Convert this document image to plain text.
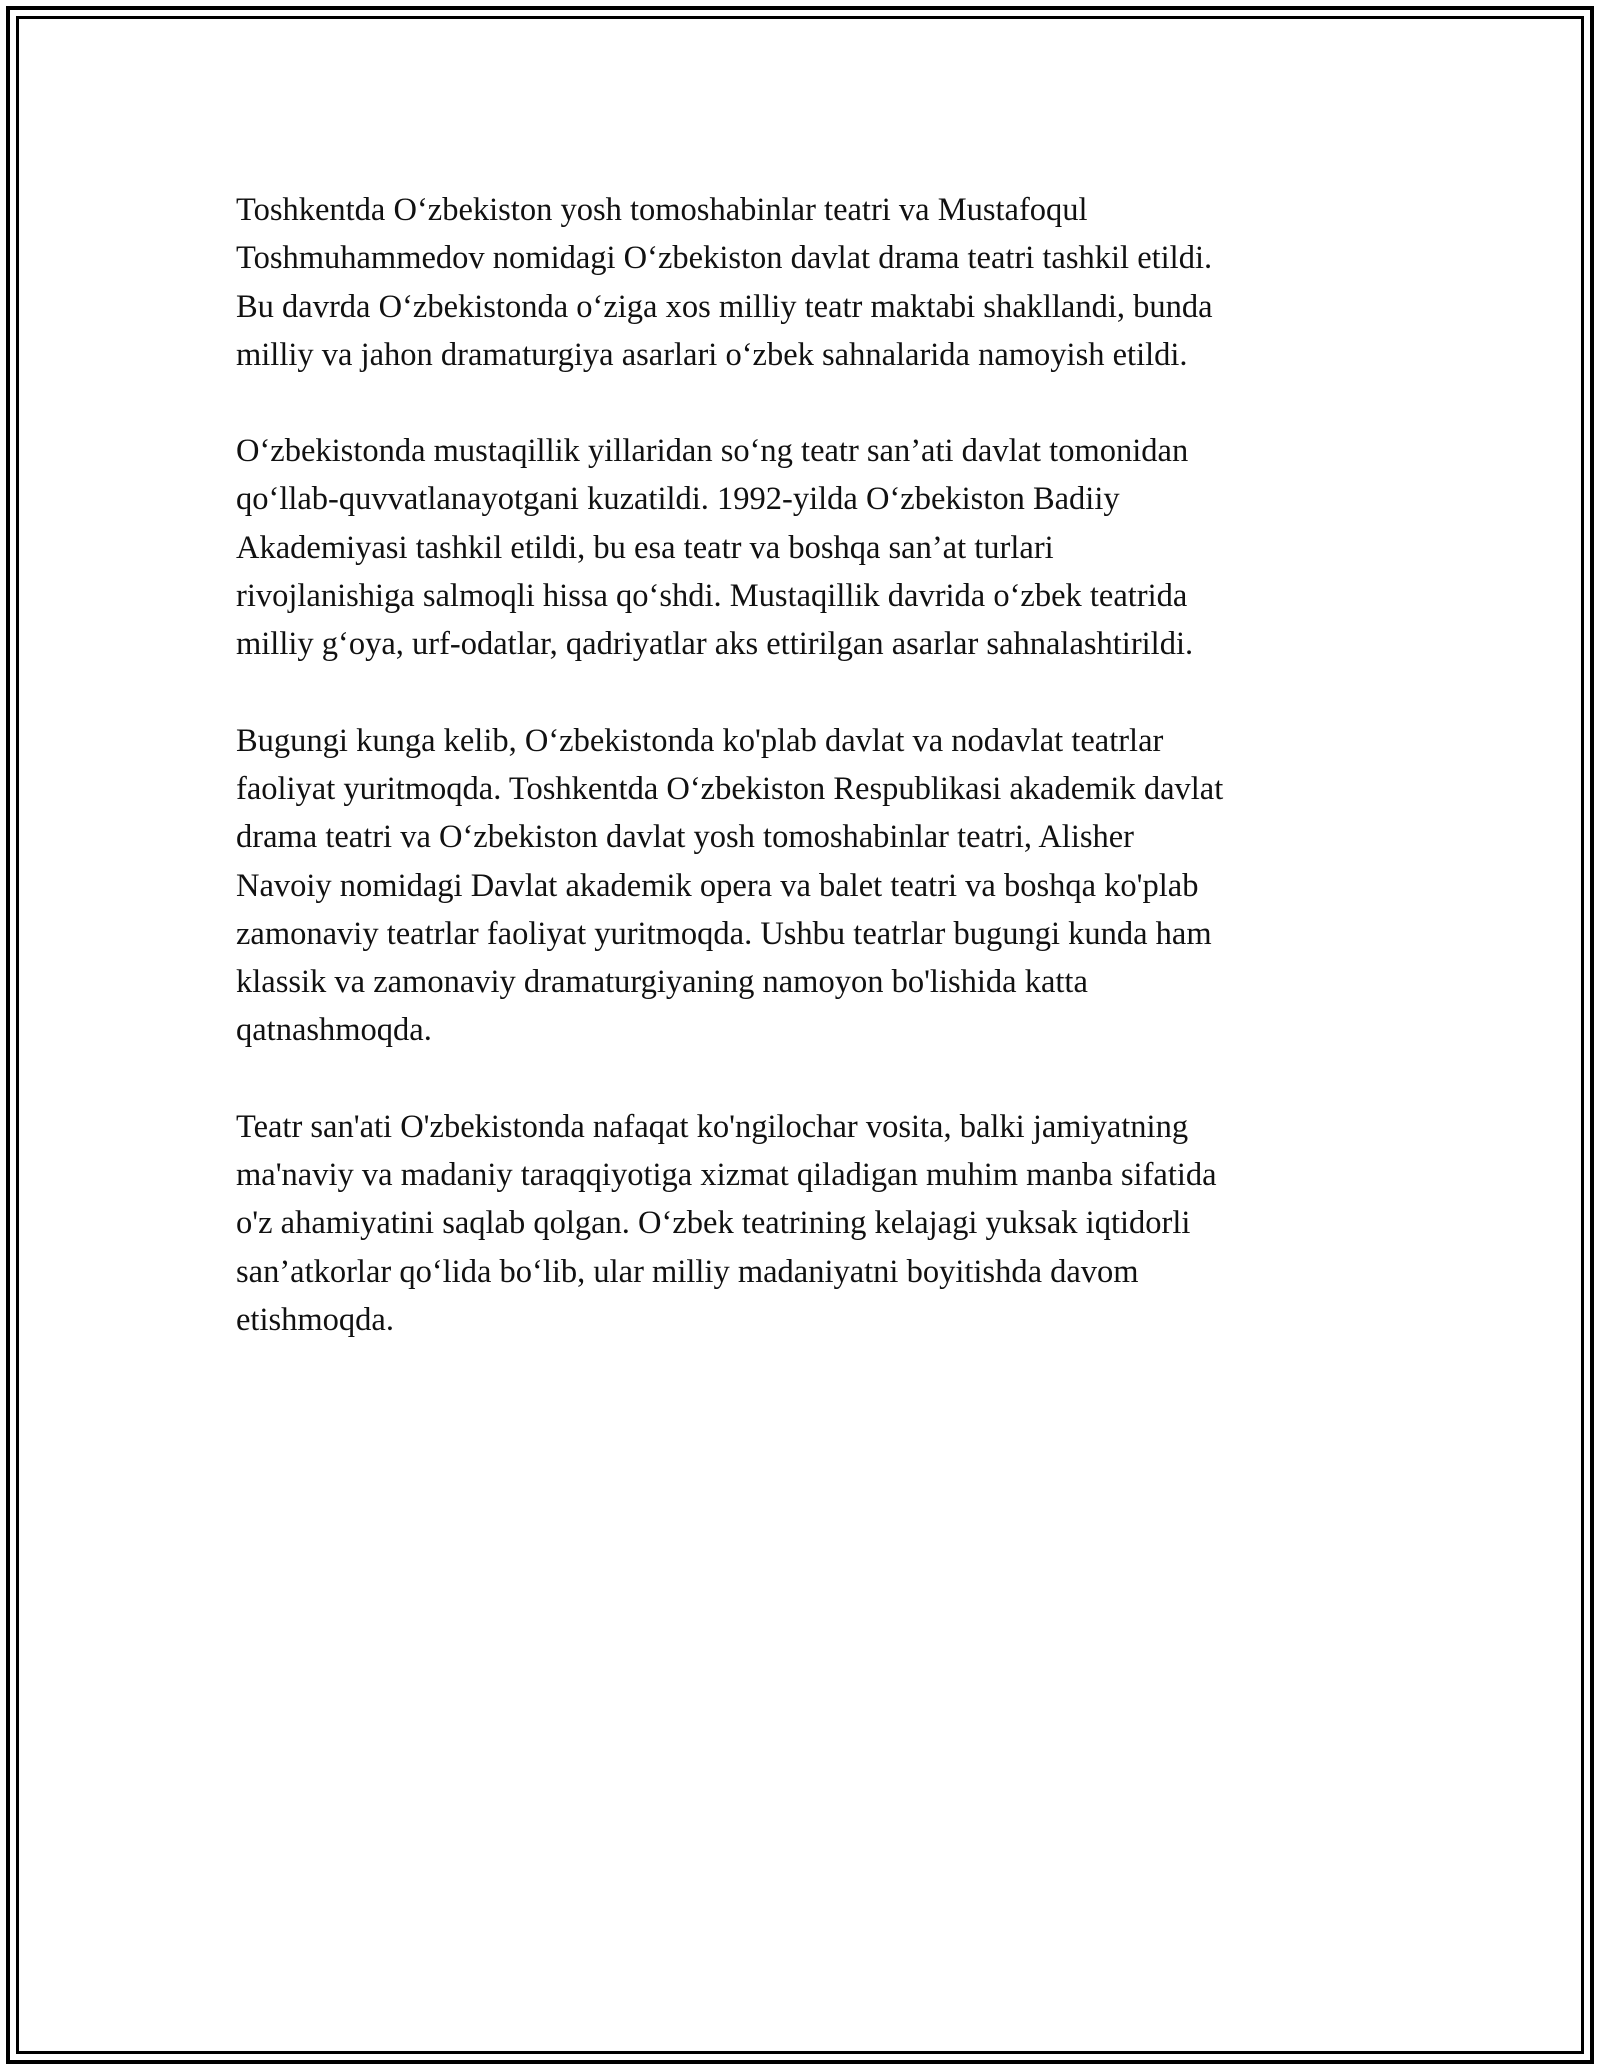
Toshkentda O‘zbekiston yosh tomoshabinlar teatri va Mustafoqul
Toshmuhammedov nomidagi O‘zbekiston davlat drama teatri tashkil etildi.
Bu davrda O‘zbekistonda o‘ziga xos milliy teatr maktabi shakllandi, bunda
milliy va jahon dramaturgiya asarlari o‘zbek sahnalarida namoyish etildi.

O‘zbekistonda mustaqillik yillaridan so‘ng teatr san’ati davlat tomonidan
qo‘llab-quvvatlanayotgani kuzatildi. 1992-yilda O‘zbekiston Badiiy
Akademiyasi tashkil etildi, bu esa teatr va boshqa san’at turlari
rivojlanishiga salmoqli hissa qo‘shdi. Mustaqillik davrida o‘zbek teatrida
milliy g‘oya, urf-odatlar, qadriyatlar aks ettirilgan asarlar sahnalashtirildi.

Bugungi kunga kelib, O‘zbekistonda ko'plab davlat va nodavlat teatrlar
faoliyat yuritmoqda. Toshkentda O‘zbekiston Respublikasi akademik davlat
drama teatri va O‘zbekiston davlat yosh tomoshabinlar teatri, Alisher
Navoiy nomidagi Davlat akademik opera va balet teatri va boshqa ko'plab
zamonaviy teatrlar faoliyat yuritmoqda. Ushbu teatrlar bugungi kunda ham
klassik va zamonaviy dramaturgiyaning namoyon bo'lishida katta
qatnashmoqda.

Teatr san'ati O'zbekistonda nafaqat ko'ngilochar vosita, balki jamiyatning
ma'naviy va madaniy taraqqiyotiga xizmat qiladigan muhim manba sifatida
o'z ahamiyatini saqlab qolgan. O‘zbek teatrining kelajagi yuksak iqtidorli
san’atkorlar qo‘lida bo‘lib, ular milliy madaniyatni boyitishda davom
etishmoqda.
